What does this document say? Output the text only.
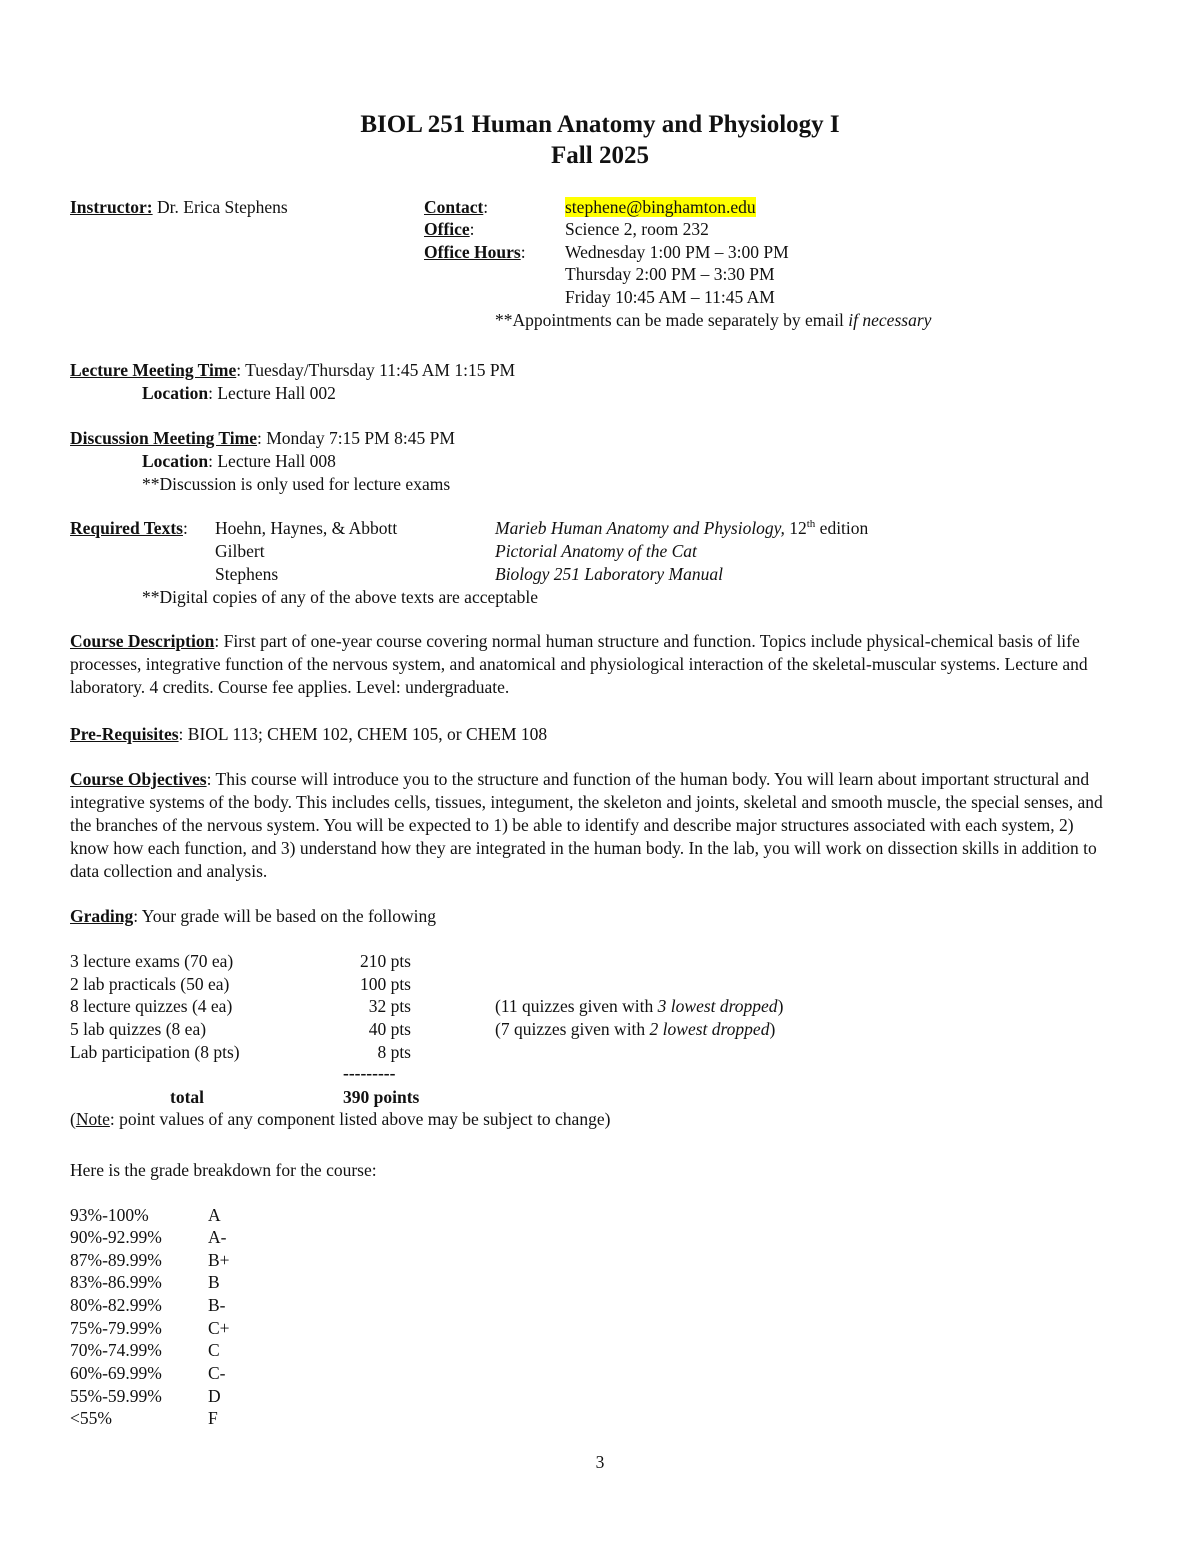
BIOL 251 Human Anatomy and Physiology I
Fall 2025
Instructor: Dr. Erica Stephens	Contact:	stephene@binghamton.edu
Office:	Science 2, room 232
Office Hours: Wednesday 1:00 PM – 3:00 PM
Thursday 2:00 PM – 3:30 PM
Friday 10:45 AM – 11:45 AM
**Appointments can be made separately by email if necessary
Lecture Meeting Time: Tuesday/Thursday 11:45 AM 1:15 PM
Location: Lecture Hall 002
Discussion Meeting Time: Monday 7:15 PM 8:45 PM
Location: Lecture Hall 008
**Discussion is only used for lecture exams
Required Texts: Hoehn, Haynes, & Abbott	Marieb Human Anatomy and Physiology, 12th edition
Gilbert	Pictorial Anatomy of the Cat
Stephens	Biology 251 Laboratory Manual
**Digital copies of any of the above texts are acceptable
Course Description: First part of one-year course covering normal human structure and function. Topics include physical-chemical basis of life processes, integrative function of the nervous system, and anatomical and physiological interaction of the skeletal-muscular systems. Lecture and laboratory. 4 credits. Course fee applies. Level: undergraduate.
Pre-Requisites: BIOL 113; CHEM 102, CHEM 105, or CHEM 108
Course Objectives: This course will introduce you to the structure and function of the human body. You will learn about important structural and integrative systems of the body. This includes cells, tissues, integument, the skeleton and joints, skeletal and smooth muscle, the special senses, and the branches of the nervous system. You will be expected to 1) be able to identify and describe major structures associated with each system, 2) know how each function, and 3) understand how they are integrated in the human body. In the lab, you will work on dissection skills in addition to data collection and analysis.
Grading: Your grade will be based on the following
3 lecture exams (70 ea)	210 pts
2 lab practicals (50 ea)	100 pts
8 lecture quizzes (4 ea)	32 pts	(11 quizzes given with 3 lowest dropped)
5 lab quizzes (8 ea)	40 pts	(7 quizzes given with 2 lowest dropped)
Lab participation (8 pts)	8 pts
---------
total	390 points
(Note: point values of any component listed above may be subject to change)
Here is the grade breakdown for the course:
93%-100%	A
90%-92.99%	A-
87%-89.99%	B+
83%-86.99%	B
80%-82.99%	B-
75%-79.99%	C+
70%-74.99%	C
60%-69.99%	C-
55%-59.99%	D
<55%	F
3
